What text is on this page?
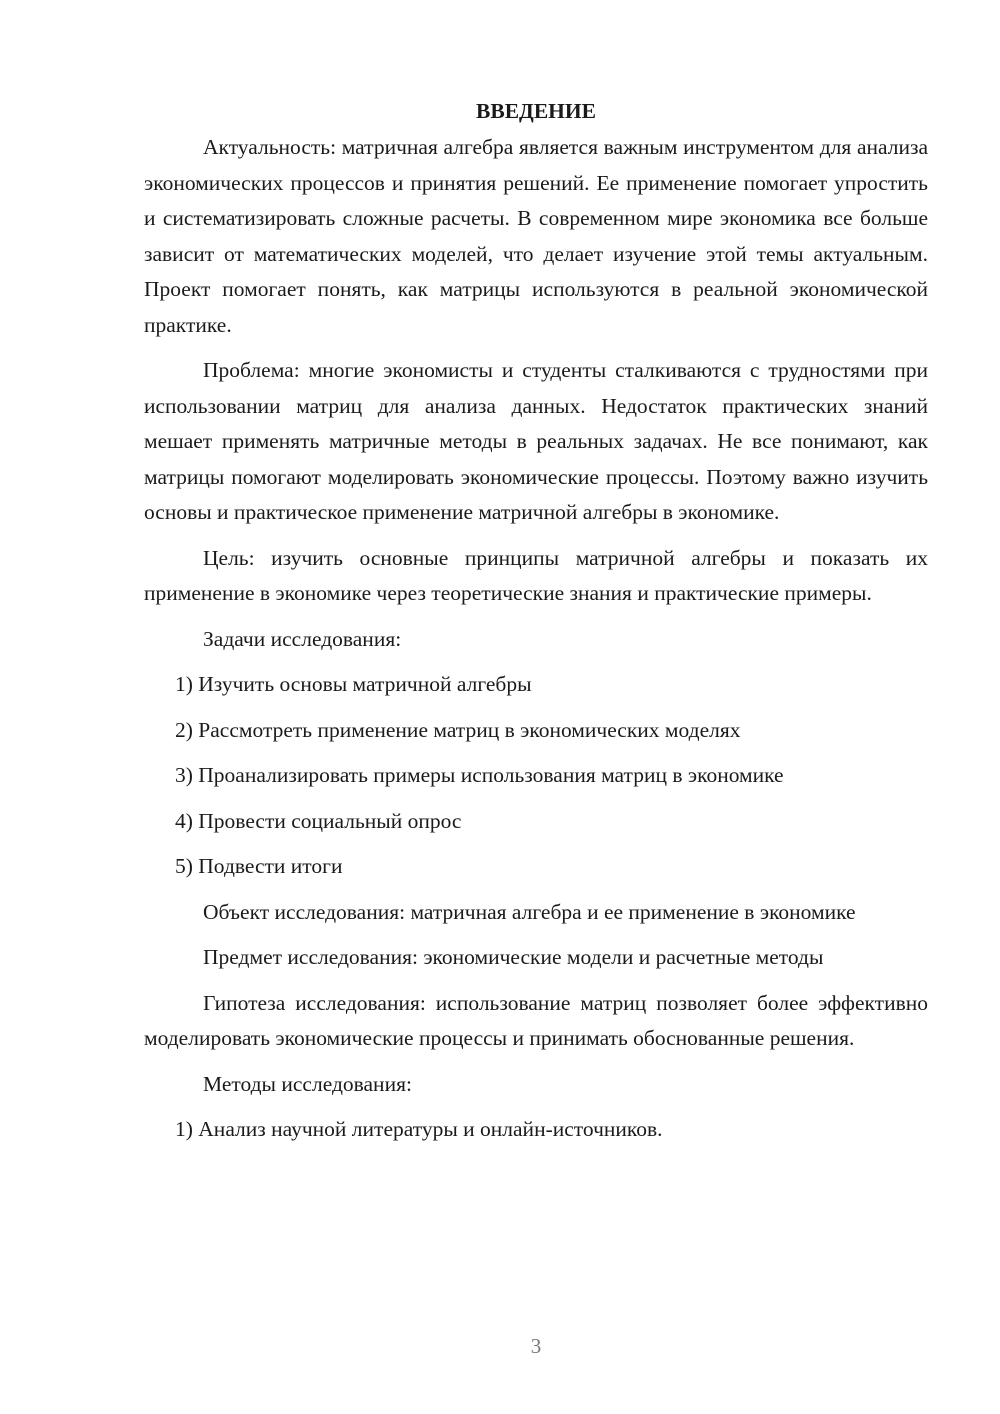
ВВЕДЕНИЕ

Актуальность: матричная алгебра является важным инструментом для анализа экономических процессов и принятия решений. Ее применение помогает упростить и систематизировать сложные расчеты. В современном мире экономика все больше зависит от математических моделей, что делает изучение этой темы актуальным. Проект помогает понять, как матрицы используются в реальной экономической практике.

Проблема: многие экономисты и студенты сталкиваются с трудностями при использовании матриц для анализа данных. Недостаток практических знаний мешает применять матричные методы в реальных задачах. Не все понимают, как матрицы помогают моделировать экономические процессы. Поэтому важно изучить основы и практическое применение матричной алгебры в экономике.

Цель: изучить основные принципы матричной алгебры и показать их применение в экономике через теоретические знания и практические примеры.

Задачи исследования:
1) Изучить основы матричной алгебры
2) Рассмотреть применение матриц в экономических моделях
3) Проанализировать примеры использования матриц в экономике
4) Провести социальный опрос
5) Подвести итоги

Объект исследования: матричная алгебра и ее применение в экономике

Предмет исследования: экономические модели и расчетные методы

Гипотеза исследования: использование матриц позволяет более эффективно моделировать экономические процессы и принимать обоснованные решения.

Методы исследования:
1) Анализ научной литературы и онлайн-источников.
3
